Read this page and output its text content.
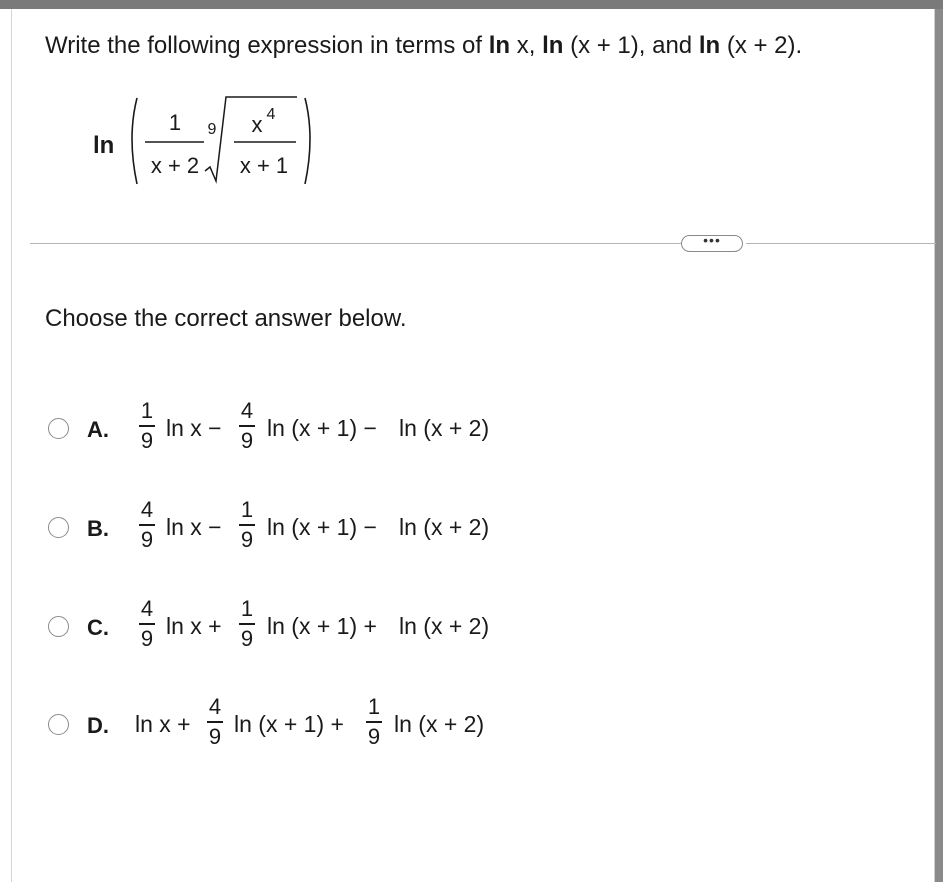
Write the following expression in terms of ln x, ln (x + 1), and ln (x + 2).
ln
1
x + 2
9 x 4
x + 1
•••
Choose the correct answer below.
A.
1
9 ln x −
4
9 ln (x + 1) − ln (x + 2)
B.
4
9 ln x −
1
9 ln (x + 1) − ln (x + 2)
C.
4
9 ln x +
1
9 ln (x + 1) + ln (x + 2)
D. ln x +
4
9 ln (x + 1) +
1
9 ln (x + 2)
